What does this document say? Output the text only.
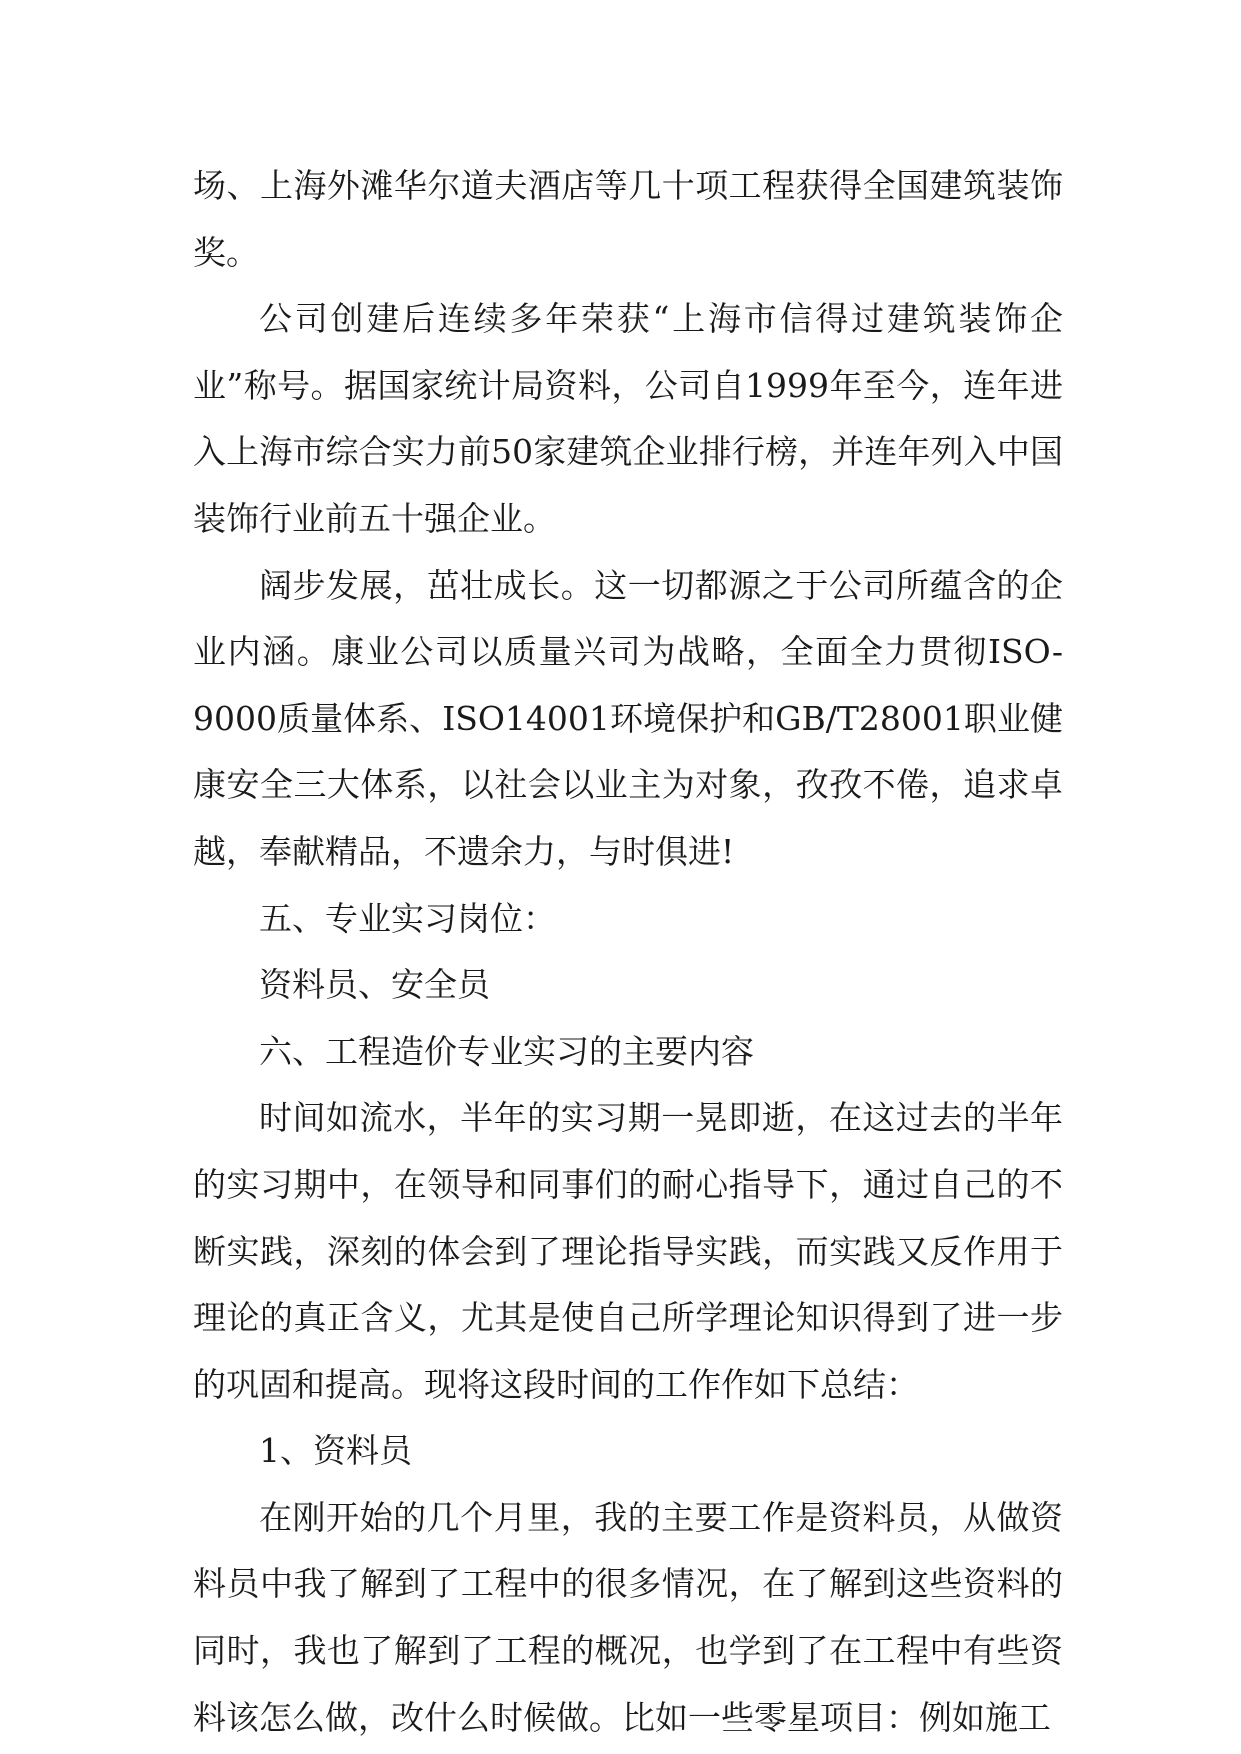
场、上海外滩华尔道夫酒店等几十项工程获得全国建筑装饰奖。

公司创建后连续多年荣获“上海市信得过建筑装饰企业”称号。据国家统计局资料，公司自1999年至今，连年进入上海市综合实力前50家建筑企业排行榜，并连年列入中国装饰行业前五十强企业。

阔步发展，茁壮成长。这一切都源之于公司所蕴含的企业内涵。康业公司以质量兴司为战略，全面全力贯彻ISO-9000质量体系、ISO14001环境保护和GB/T28001职业健康安全三大体系，以社会以业主为对象，孜孜不倦，追求卓越，奉献精品，不遗余力，与时俱进!

五、专业实习岗位：

资料员、安全员

六、工程造价专业实习的主要内容

时间如流水，半年的实习期一晃即逝，在这过去的半年的实习期中，在领导和同事们的耐心指导下，通过自己的不断实践，深刻的体会到了理论指导实践，而实践又反作用于理论的真正含义，尤其是使自己所学理论知识得到了进一步的巩固和提高。现将这段时间的工作作如下总结：

1、资料员

在刚开始的几个月里，我的主要工作是资料员，从做资料员中我了解到了工程中的很多情况，在了解到这些资料的同时，我也了解到了工程的概况，也学到了在工程中有些资料该怎么做，改什么时候做。比如一些零星项目：例如施工
